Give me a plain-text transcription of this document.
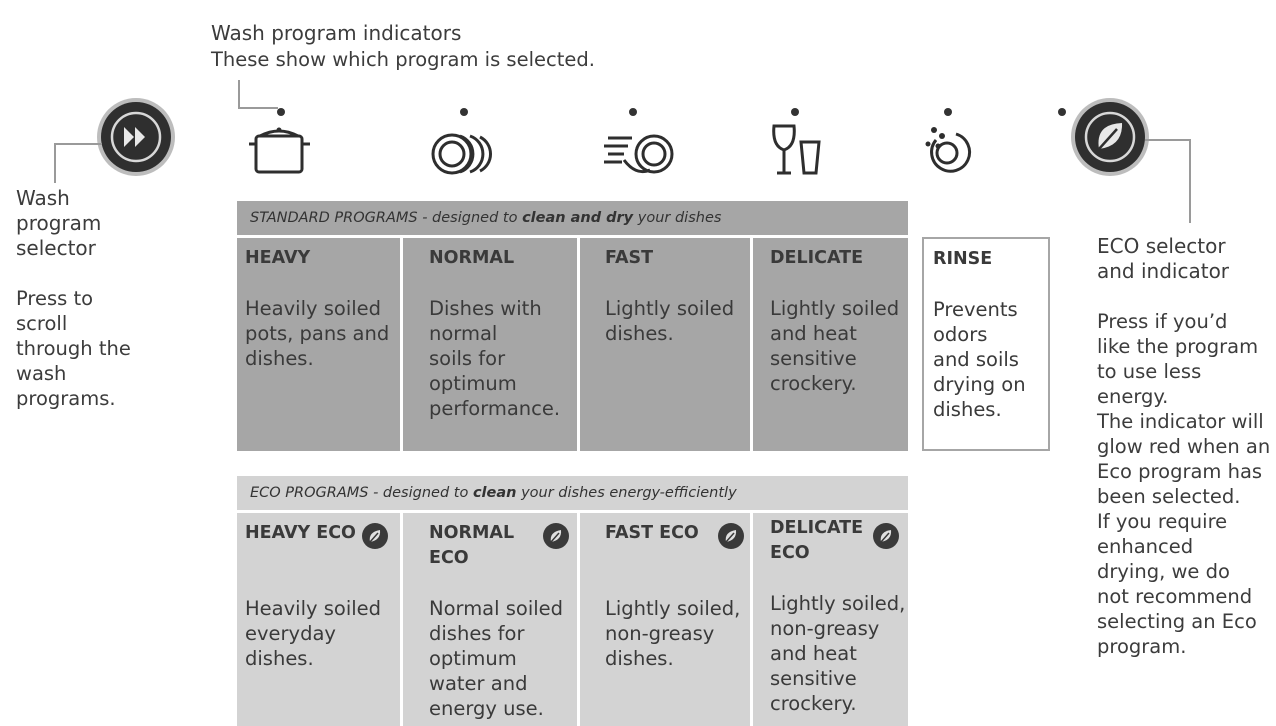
Wash program indicators
These show which program is selected.
Wash
program
selector
Press to
scroll
through the
wash
programs.
ECO selector
and indicator
Press if you’d
like the program
to use less energy.
The indicator will
glow red when an
Eco program has
been selected.
If you require
enhanced
drying, we do
not recommend
selecting an Eco
program.
STANDARD PROGRAMS - designed to clean and dry your dishes
HEAVY
Heavily soiled
pots, pans and
dishes.
NORMAL
Dishes with
normal
soils for
optimum
performance.
FAST
Lightly soiled
dishes.
DELICATE
Lightly soiled
and heat
sensitive
crockery.
RINSE
Prevents
odors
and soils
drying on
dishes.
ECO PROGRAMS - designed to clean your dishes energy-efficiently
HEAVY ECO
Heavily soiled
everyday
dishes.
NORMAL
ECO
Normal soiled
dishes for
optimum
water and
energy use.
FAST ECO
Lightly soiled,
non-greasy
dishes.
DELICATE
ECO
Lightly soiled,
non-greasy
and heat
sensitive
crockery.
